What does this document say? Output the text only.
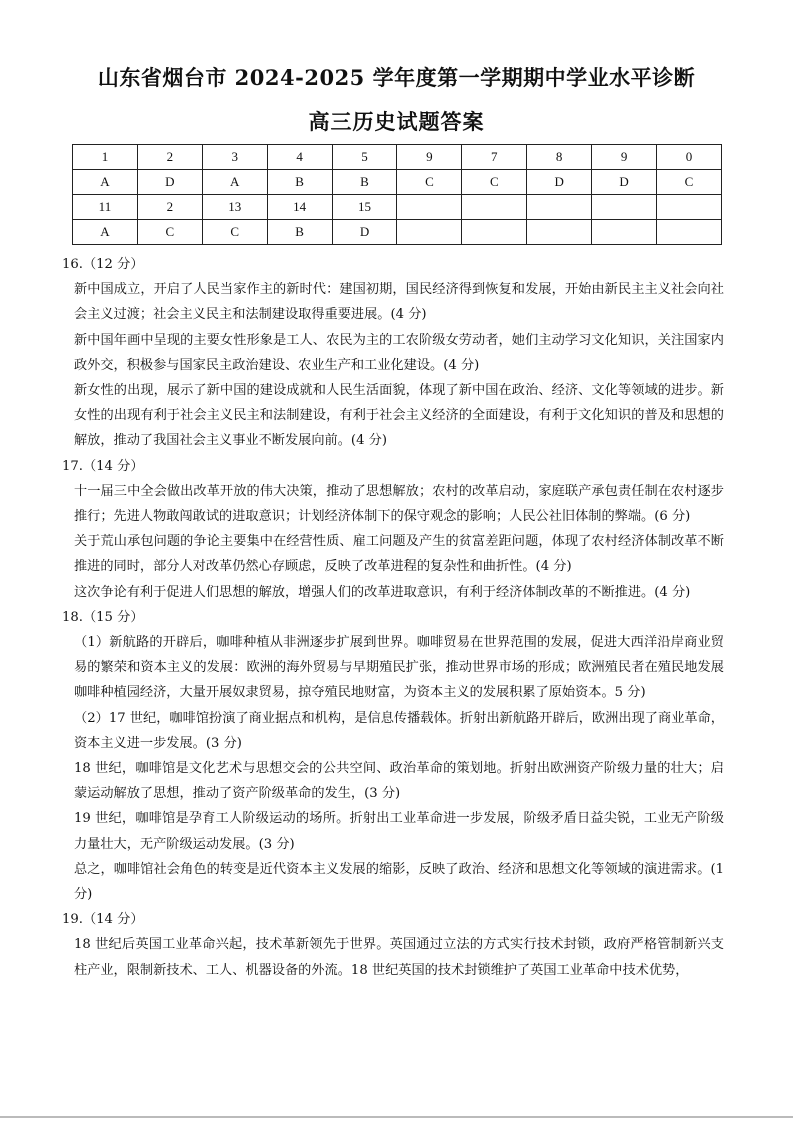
山东省烟台市 2024-2025 学年度第一学期期中学业水平诊断
高三历史试题答案
1	2	3	4	5	9	7	8	9	0
A	D	A	B	B	C	C	D	D	C
11	2	13	14	15					
A	C	C	B	D					

16.（12 分）

新中国成立，开启了人民当家作主的新时代：建国初期，国民经济得到恢复和发展，开始由新民主主义社会向社会主义过渡；社会主义民主和法制建设取得重要进展。(4 分)

新中国年画中呈现的主要女性形象是工人、农民为主的工农阶级女劳动者，她们主动学习文化知识，关注国家内政外交，积极参与国家民主政治建设、农业生产和工业化建设。(4 分)

新女性的出现，展示了新中国的建设成就和人民生活面貌，体现了新中国在政治、经济、文化等领域的进步。新女性的出现有利于社会主义民主和法制建设，有利于社会主义经济的全面建设，有利于文化知识的普及和思想的解放，推动了我国社会主义事业不断发展向前。(4 分)

17.（14 分）

十一届三中全会做出改革开放的伟大决策，推动了思想解放；农村的改革启动，家庭联产承包责任制在农村逐步推行；先进人物敢闯敢试的进取意识；计划经济体制下的保守观念的影响；人民公社旧体制的弊端。(6 分)

关于荒山承包问题的争论主要集中在经营性质、雇工问题及产生的贫富差距问题，体现了农村经济体制改革不断推进的同时，部分人对改革仍然心存顾虑，反映了改革进程的复杂性和曲折性。(4 分)

这次争论有利于促进人们思想的解放，增强人们的改革进取意识，有利于经济体制改革的不断推进。(4 分)

18.（15 分）

（1）新航路的开辟后，咖啡种植从非洲逐步扩展到世界。咖啡贸易在世界范围的发展，促进大西洋沿岸商业贸易的繁荣和资本主义的发展：欧洲的海外贸易与早期殖民扩张，推动世界市场的形成；欧洲殖民者在殖民地发展咖啡种植园经济，大量开展奴隶贸易，掠夺殖民地财富，为资本主义的发展积累了原始资本。5 分)

（2）17 世纪，咖啡馆扮演了商业据点和机构，是信息传播载体。折射出新航路开辟后，欧洲出现了商业革命，资本主义进一步发展。(3 分)

18 世纪，咖啡馆是文化艺术与思想交会的公共空间、政治革命的策划地。折射出欧洲资产阶级力量的壮大；启蒙运动解放了思想，推动了资产阶级革命的发生，(3 分)

19 世纪，咖啡馆是孕育工人阶级运动的场所。折射出工业革命进一步发展，阶级矛盾日益尖锐，工业无产阶级力量壮大，无产阶级运动发展。(3 分)

总之，咖啡馆社会角色的转变是近代资本主义发展的缩影，反映了政治、经济和思想文化等领域的演进需求。(1 分)

19.（14 分）

18 世纪后英国工业革命兴起，技术革新领先于世界。英国通过立法的方式实行技术封锁，政府严格管制新兴支柱产业，限制新技术、工人、机器设备的外流。18 世纪英国的技术封锁维护了英国工业革命中技术优势，
